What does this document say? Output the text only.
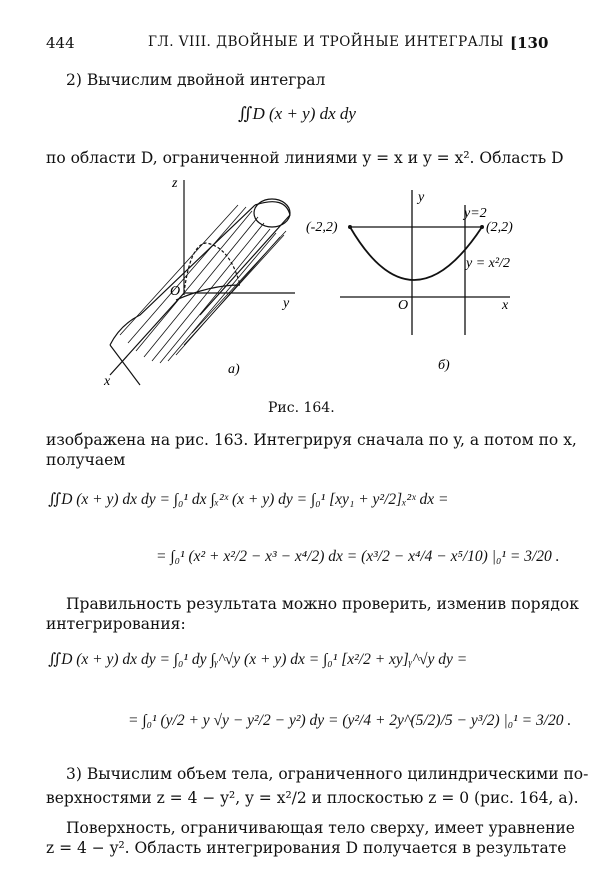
444	ГЛ. VIII. ДВОЙНЫЕ И ТРОЙНЫЕ ИНТЕГРАЛЫ [130
2) Вычислим двойной интеграл
∬D (x + y) dx dy
по области D, ограниченной линиями y = x и y = x². Область D
z
y
x
O
a)
y
x
O
(-2,2)	(2,2)
y=2
y = x²/2
б)
Рис. 164.
изображена на рис. 163. Интегрируя сначала по y, а потом по x,
получаем
∬D (x + y) dx dy = ∫₀¹ dx ∫ₓ²ˣ (x + y) dy = ∫₀¹ [xy₁ + y²/2]ₓ²ˣ dx =
= ∫₀¹ (x² + x²/2 − x³ − x⁴/2) dx = (x³/2 − x⁴/4 − x⁵/10) |₀¹ = 3/20 .
Правильность результата можно проверить, изменив порядок
интегрирования:
∬D (x + y) dx dy = ∫₀¹ dy ∫ᵧ^√y (x + y) dx = ∫₀¹ [x²/2 + xy]ᵧ^√y dy =
= ∫₀¹ (y/2 + y √y − y²/2 − y²) dy = (y²/4 + 2y^(5/2)/5 − y³/2) |₀¹ = 3/20 .
3) Вычислим объем тела, ограниченного цилиндрическими по-
верхностями z = 4 − y², y = x²/2 и плоскостью z = 0 (рис. 164, a).
Поверхность, ограничивающая тело сверху, имеет уравнение
z = 4 − y². Область интегрирования D получается в результате
